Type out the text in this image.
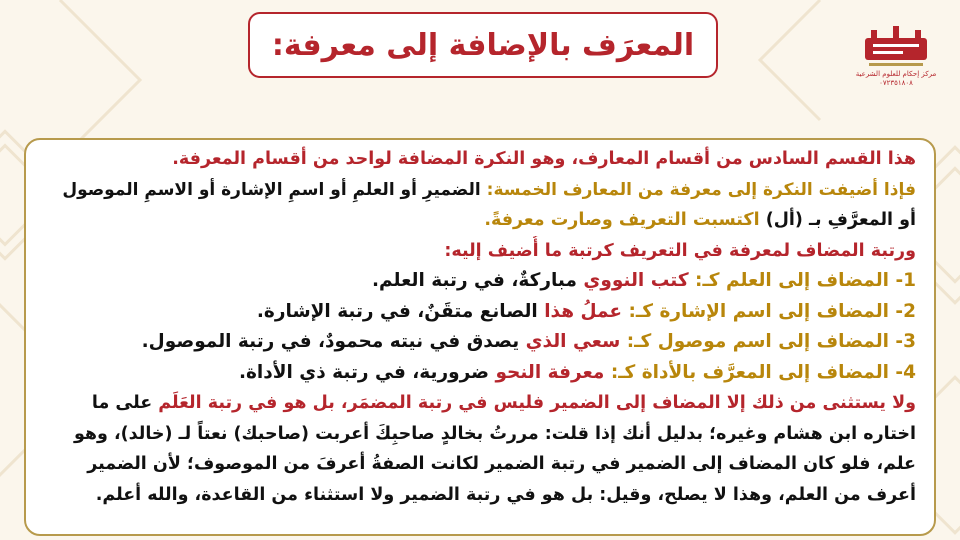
المعرَف بالإضافة إلى معرفة:
مركز إحكام للعلوم الشرعية
٠٧٢٣٥١٨٠٨
هذا القسم السادس من أقسام المعارف، وهو النكرة المضافة لواحد من أقسام المعرفة.
فإذا أضيفت النكرة إلى معرفة من المعارف الخمسة: الضميرِ أو العلمِ أو اسمِ الإشارة أو الاسمِ الموصول
أو المعرَّفِ بـ (أل) اكتسبت التعريف وصارت معرفةً.
ورتبة المضاف لمعرفة في التعريف كرتبة ما أُضيف إليه:
1- المضاف إلى العلم كـ: كتب النووي مباركةٌ، في رتبة العلم.
2- المضاف إلى اسم الإشارة كـ: عملُ هذا الصانع متقَنٌ، في رتبة الإشارة.
3- المضاف إلى اسم موصول كـ: سعي الذي يصدق في نيته محمودٌ، في رتبة الموصول.
4- المضاف إلى المعرَّف بالأداة كـ: معرفة النحو ضرورية، في رتبة ذي الأداة.
ولا يستثنى من ذلك إلا المضاف إلى الضمير فليس في رتبة المضمَر، بل هو في رتبة العَلَم على ما
اختاره ابن هشام وغيره؛ بدليل أنك إذا قلت: مررتُ بخالدٍ صاحبِكَ أعربت (صاحبك) نعتاً لـ (خالد)، وهو
علم، فلو كان المضاف إلى الضمير في رتبة الضمير لكانت الصفةُ أعرفَ من الموصوف؛ لأن الضمير
أعرف من العلم، وهذا لا يصلح، وقيل: بل هو في رتبة الضمير ولا استثناء من القاعدة، والله أعلم.
